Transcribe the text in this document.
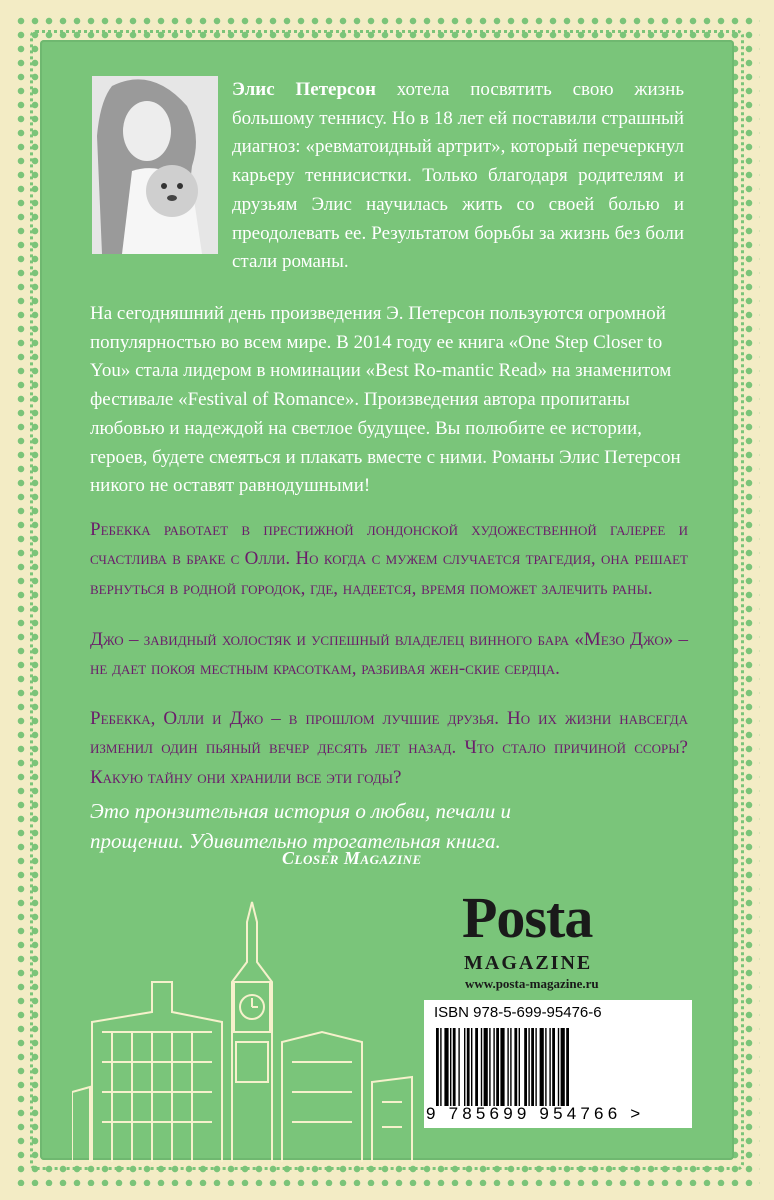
Элис Петерсон хотела посвятить свою жизнь большому теннису. Но в 18 лет ей поставили страшный диагноз: «ревматоидный артрит», который перечеркнул карьеру теннисистки. Только благодаря родителям и друзьям Элис научилась жить со своей болью и преодолевать ее. Результатом борьбы за жизнь без боли стали романы.
На сегодняшний день произведения Э. Петерсон пользуются огромной популярностью во всем мире. В 2014 году ее книга «One Step Closer to You» стала лидером в номинации «Best Ro-mantic Read» на знаменитом фестивале «Festival of Romance». Произведения автора пропитаны любовью и надеждой на светлое будущее. Вы полюбите ее истории, героев, будете смеяться и плакать вместе с ними. Романы Элис Петерсон никого не оставят равнодушными!
Ребекка работает в престижной лондонской художественной галерее и счастлива в браке с Олли. Но когда с мужем случается трагедия, она решает вернуться в родной городок, где, надеется, время поможет залечить раны.
Джо – завидный холостяк и успешный владелец винного бара «Мезо Джо» – не дает покоя местным красоткам, разбивая жен-ские сердца.
Ребекка, Олли и Джо – в прошлом лучшие друзья. Но их жизни навсегда изменил один пьяный вечер десять лет назад. Что стало причиной ссоры? Какую тайну они хранили все эти годы?
Это пронзительная история о любви, печали и прощении. Удивительно трогательная книга.
Closer Magazine
Posta
MAGAZINE
www.posta-magazine.ru
ISBN 978-5-699-95476-6
9 785699 954766 >
